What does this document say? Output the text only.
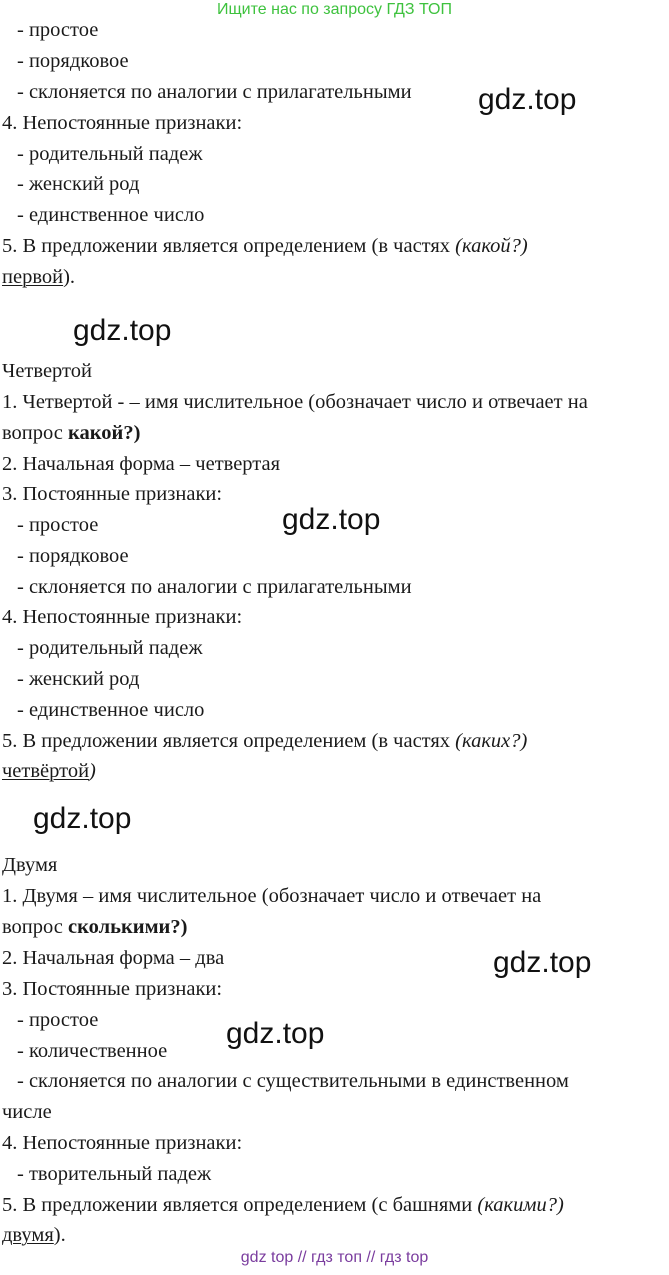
Ищите нас по запросу ГДЗ ТОП
- простое
- порядковое
- склоняется по аналогии с прилагательными
4. Непостоянные признаки:
- родительный падеж
- женский род
- единственное число
5. В предложении является определением (в частях (какой?)
первой).
Четвертой
1. Четвертой - – имя числительное (обозначает число и отвечает на
вопрос какой?)
2. Начальная форма – четвертая
3. Постоянные признаки:
- простое
- порядковое
- склоняется по аналогии с прилагательными
4. Непостоянные признаки:
- родительный падеж
- женский род
- единственное число
5. В предложении является определением (в частях (каких?)
четвёртой)
Двумя
1. Двумя – имя числительное (обозначает число и отвечает на
вопрос сколькими?)
2. Начальная форма – два
3. Постоянные признаки:
- простое
- количественное
- склоняется по аналогии с существительными в единственном
числе
4. Непостоянные признаки:
- творительный падеж
5. В предложении является определением (с башнями (какими?)
двумя).
gdz.top
gdz.top
gdz.top
gdz.top
gdz.top
gdz.top
gdz top // гдз топ // гдз top
